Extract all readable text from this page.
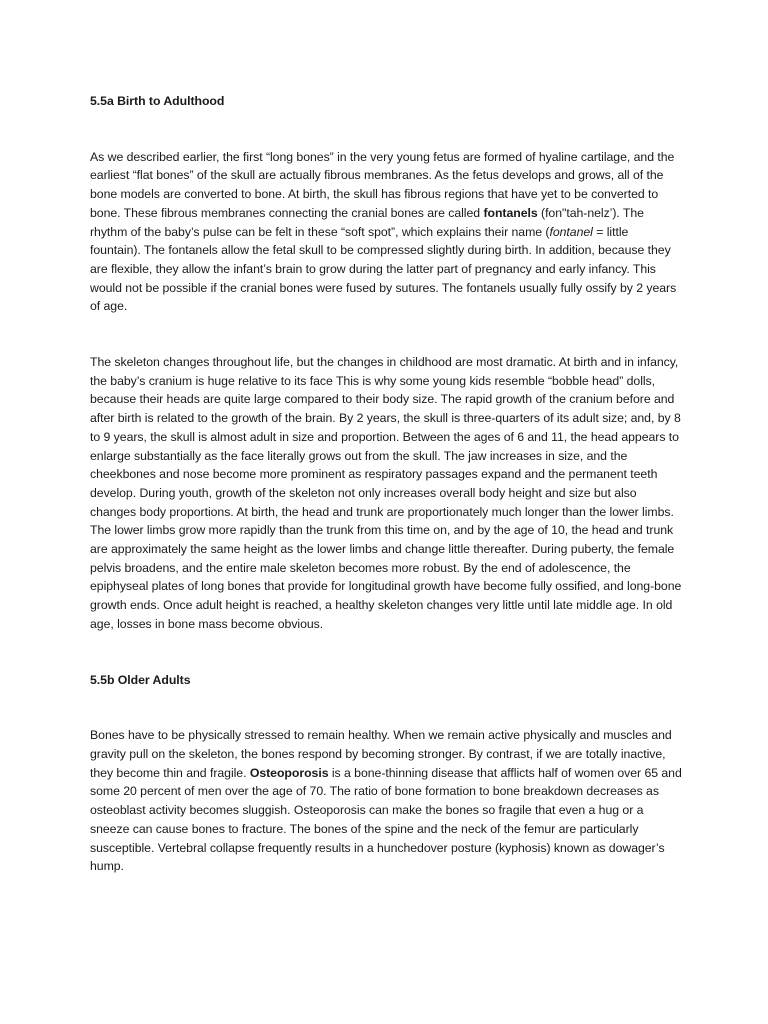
5.5a Birth to Adulthood

As we described earlier, the first “long bones” in the very young fetus are formed of hyaline cartilage, and the earliest “flat bones” of the skull are actually fibrous membranes. As the fetus develops and grows, all of the bone models are converted to bone. At birth, the skull has fibrous regions that have yet to be converted to bone. These fibrous membranes connecting the cranial bones are called fontanels (fon"tah-nelz’). The rhythm of the baby’s pulse can be felt in these “soft spot”, which explains their name (fontanel = little fountain). The fontanels allow the fetal skull to be compressed slightly during birth. In addition, because they are flexible, they allow the infant’s brain to grow during the latter part of pregnancy and early infancy. This would not be possible if the cranial bones were fused by sutures. The fontanels usually fully ossify by 2 years of age.

The skeleton changes throughout life, but the changes in childhood are most dramatic. At birth and in infancy, the baby’s cranium is huge relative to its face This is why some young kids resemble “bobble head” dolls, because their heads are quite large compared to their body size. The rapid growth of the cranium before and after birth is related to the growth of the brain. By 2 years, the skull is three-quarters of its adult size; and, by 8 to 9 years, the skull is almost adult in size and proportion. Between the ages of 6 and 11, the head appears to enlarge substantially as the face literally grows out from the skull. The jaw increases in size, and the cheekbones and nose become more prominent as respiratory passages expand and the permanent teeth develop. During youth, growth of the skeleton not only increases overall body height and size but also changes body proportions. At birth, the head and trunk are proportionately much longer than the lower limbs. The lower limbs grow more rapidly than the trunk from this time on, and by the age of 10, the head and trunk are approximately the same height as the lower limbs and change little thereafter. During puberty, the female pelvis broadens, and the entire male skeleton becomes more robust. By the end of adolescence, the epiphyseal plates of long bones that provide for longitudinal growth have become fully ossified, and long-bone growth ends. Once adult height is reached, a healthy skeleton changes very little until late middle age. In old age, losses in bone mass become obvious.

5.5b Older Adults

Bones have to be physically stressed to remain healthy. When we remain active physically and muscles and gravity pull on the skeleton, the bones respond by becoming stronger. By contrast, if we are totally inactive, they become thin and fragile. Osteoporosis is a bone-thinning disease that afflicts half of women over 65 and some 20 percent of men over the age of 70. The ratio of bone formation to bone breakdown decreases as osteoblast activity becomes sluggish. Osteoporosis can make the bones so fragile that even a hug or a sneeze can cause bones to fracture. The bones of the spine and the neck of the femur are particularly susceptible. Vertebral collapse frequently results in a hunchedover posture (kyphosis) known as dowager’s hump.
